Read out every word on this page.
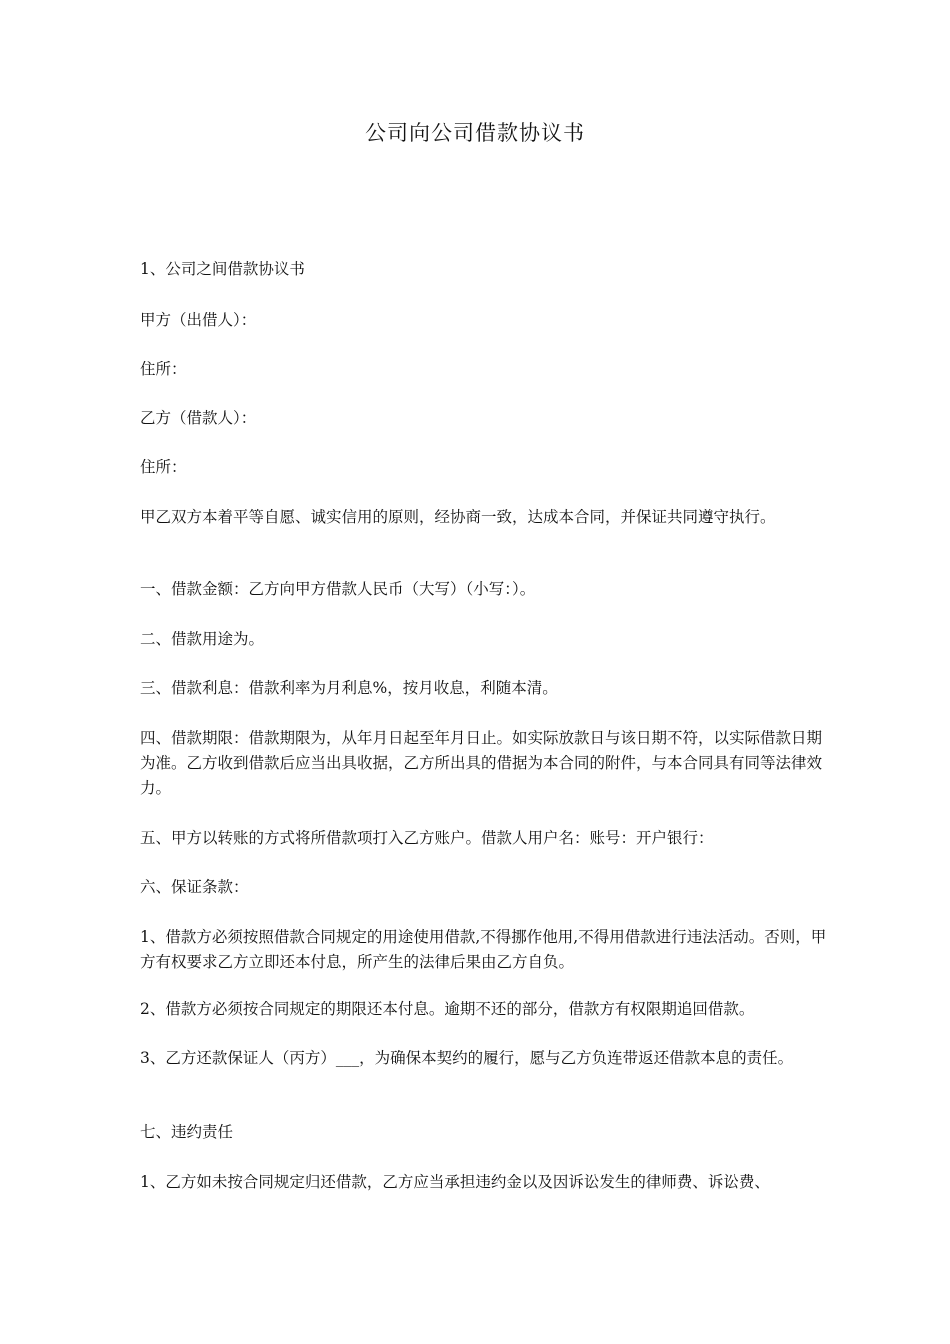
公司向公司借款协议书

1、公司之间借款协议书

甲方（出借人）：

住所：

乙方（借款人）：

住所：

甲乙双方本着平等自愿、诚实信用的原则，经协商一致，达成本合同，并保证共同遵守执行。

一、借款金额：乙方向甲方借款人民币（大写）（小写：）。

二、借款用途为。

三、借款利息：借款利率为月利息%，按月收息，利随本清。

四、借款期限：借款期限为，从年月日起至年月日止。如实际放款日与该日期不符，以实际借款日期为准。乙方收到借款后应当出具收据，乙方所出具的借据为本合同的附件，与本合同具有同等法律效力。

五、甲方以转账的方式将所借款项打入乙方账户。借款人用户名：账号：开户银行：

六、保证条款：

1、借款方必须按照借款合同规定的用途使用借款,不得挪作他用,不得用借款进行违法活动。否则，甲方有权要求乙方立即还本付息，所产生的法律后果由乙方自负。

2、借款方必须按合同规定的期限还本付息。逾期不还的部分，借款方有权限期追回借款。

3、乙方还款保证人（丙方）___，为确保本契约的履行，愿与乙方负连带返还借款本息的责任。

七、违约责任

1、乙方如未按合同规定归还借款，乙方应当承担违约金以及因诉讼发生的律师费、诉讼费、
